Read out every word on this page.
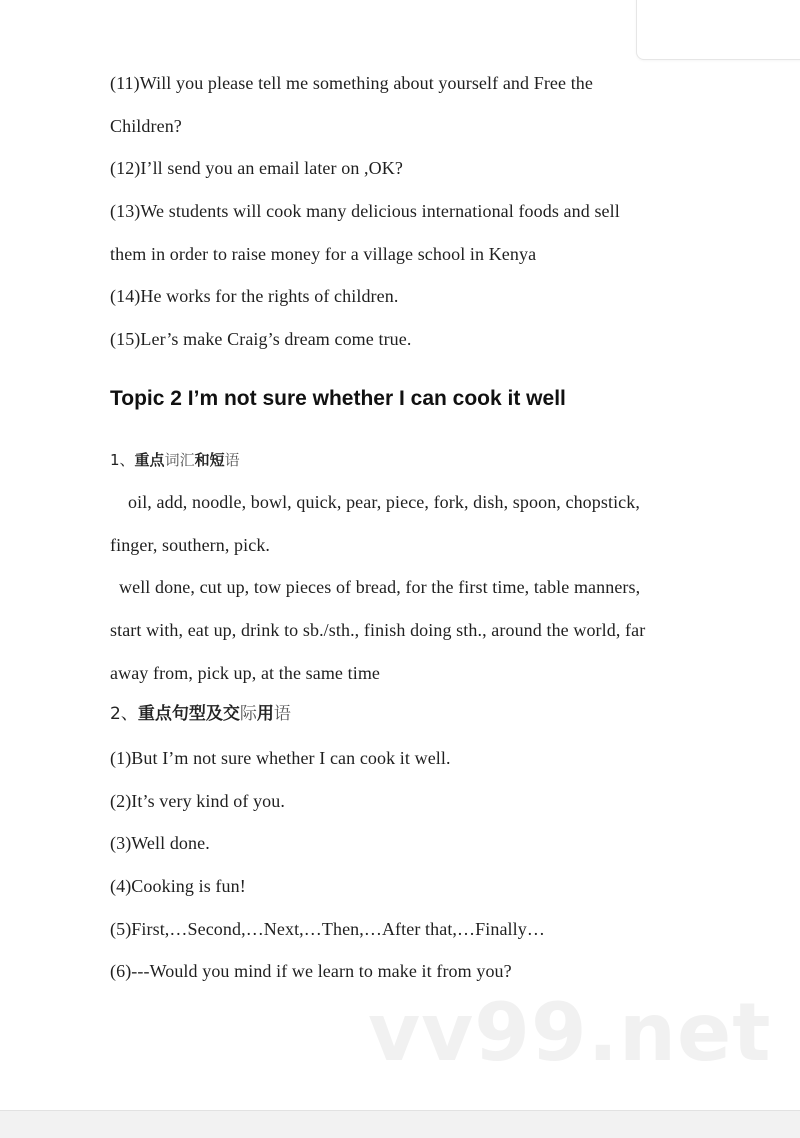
(11)Will you please tell me something about yourself and Free the
Children?
(12)I’ll send you an email later on ,OK?
(13)We students will cook many delicious international foods and sell
them in order to raise money for a village school in Kenya
(14)He works for the rights of children.
(15)Ler’s make Craig’s dream come true.
Topic 2 I’m not sure whether I can cook it well
1、重点词汇和短语
oil, add, noodle, bowl, quick, pear, piece, fork, dish, spoon, chopstick,
finger, southern, pick.
well done, cut up, tow pieces of bread, for the first time, table manners,
start with, eat up, drink to sb./sth., finish doing sth., around the world, far
away from, pick up, at the same time
2、重点句型及交际用语
(1)But I’m not sure whether I can cook it well.
(2)It’s very kind of you.
(3)Well done.
(4)Cooking is fun!
(5)First,…Second,…Next,…Then,…After that,…Finally…
(6)---Would you mind if we learn to make it from you?
vv99.net
